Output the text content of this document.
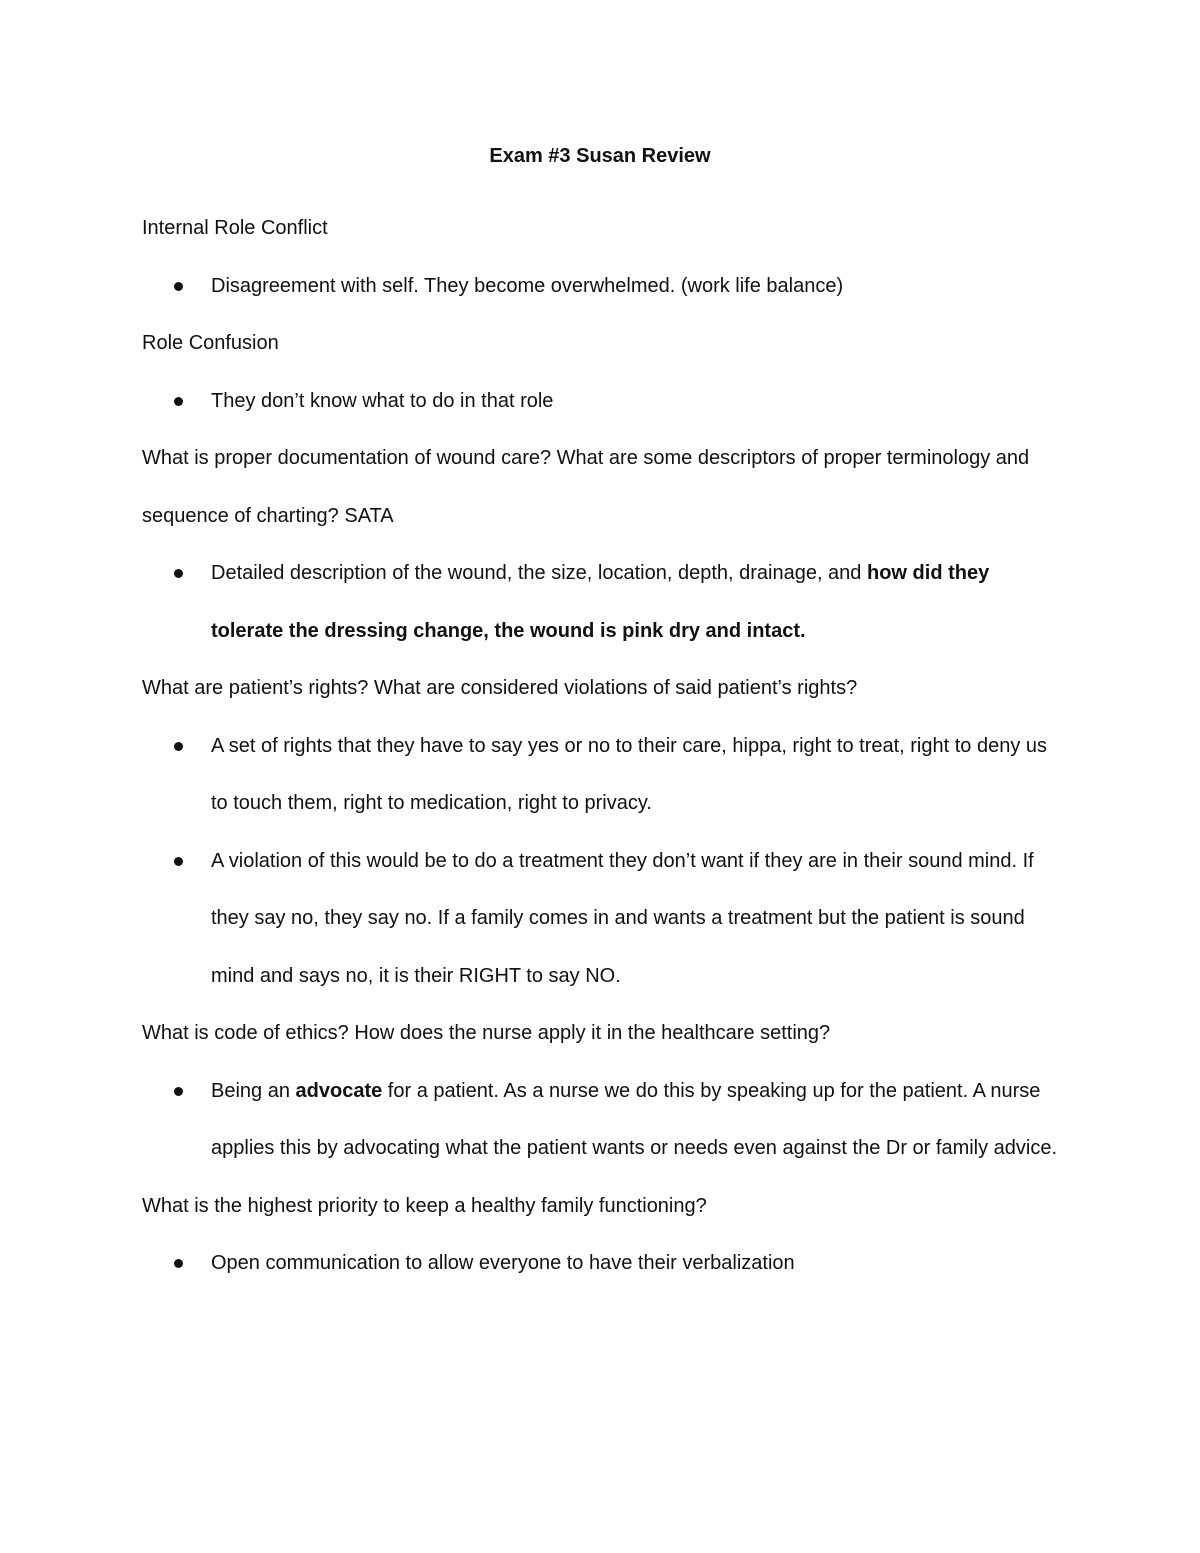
Exam #3 Susan Review

Internal Role Conflict

Disagreement with self. They become overwhelmed. (work life balance)

Role Confusion

They don’t know what to do in that role

What is proper documentation of wound care? What are some descriptors of proper terminology and sequence of charting? SATA

Detailed description of the wound, the size, location, depth, drainage, and how did they tolerate the dressing change, the wound is pink dry and intact.

What are patient’s rights? What are considered violations of said patient’s rights?

A set of rights that they have to say yes or no to their care, hippa, right to treat, right to deny us to touch them, right to medication, right to privacy.
A violation of this would be to do a treatment they don’t want if they are in their sound mind. If they say no, they say no. If a family comes in and wants a treatment but the patient is sound mind and says no, it is their RIGHT to say NO.

What is code of ethics? How does the nurse apply it in the healthcare setting?

Being an advocate for a patient. As a nurse we do this by speaking up for the patient. A nurse applies this by advocating what the patient wants or needs even against the Dr or family advice.

What is the highest priority to keep a healthy family functioning?

Open communication to allow everyone to have their verbalization
